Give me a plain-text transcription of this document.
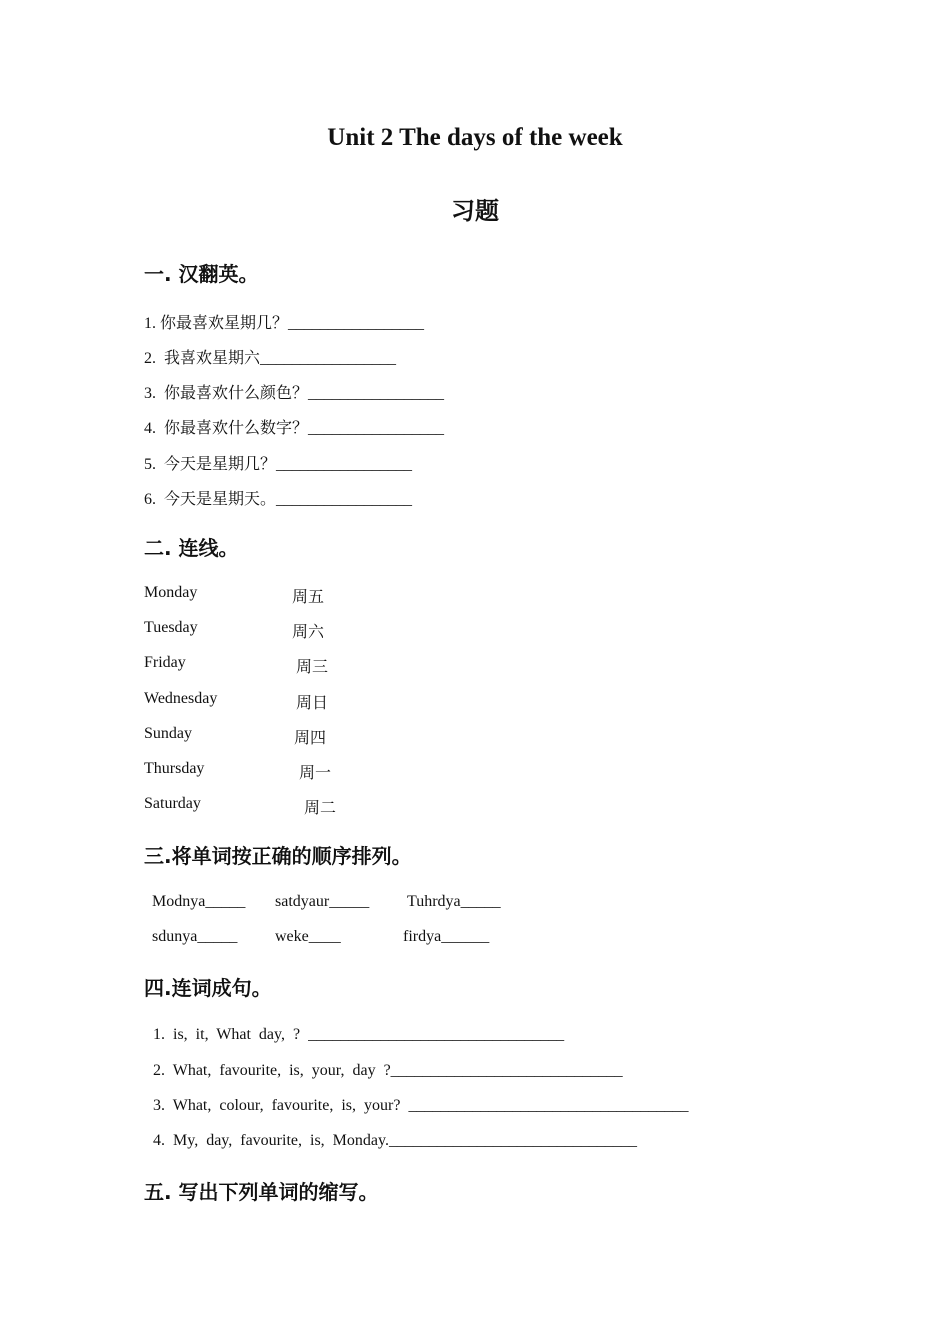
Unit 2 The days of the week
习题
一. 汉翻英。
1. 你最喜欢星期几？_________________
2.  我喜欢星期六_________________
3.  你最喜欢什么颜色？_________________
4.  你最喜欢什么数字？_________________
5.  今天是星期几？_________________
6.  今天是星期天。_________________
二. 连线。
Monday	周五
Tuesday	周六
Friday	周三
Wednesday	周日
Sunday	周四
Thursday	周一
Saturday	周二
三.将单词按正确的顺序排列。
Modnya_____ satdyaur_____ Tuhrdya_____
sdunya_____ weke____	firdya______
四.连词成句。
1.  is,  it,  What  day,  ?  ________________________________
2.  What,  favourite,  is,  your,  day  ?_____________________________
3.  What,  colour,  favourite,  is,  your?  ___________________________________
4.  My,  day,  favourite,  is,  Monday._______________________________
五. 写出下列单词的缩写。
